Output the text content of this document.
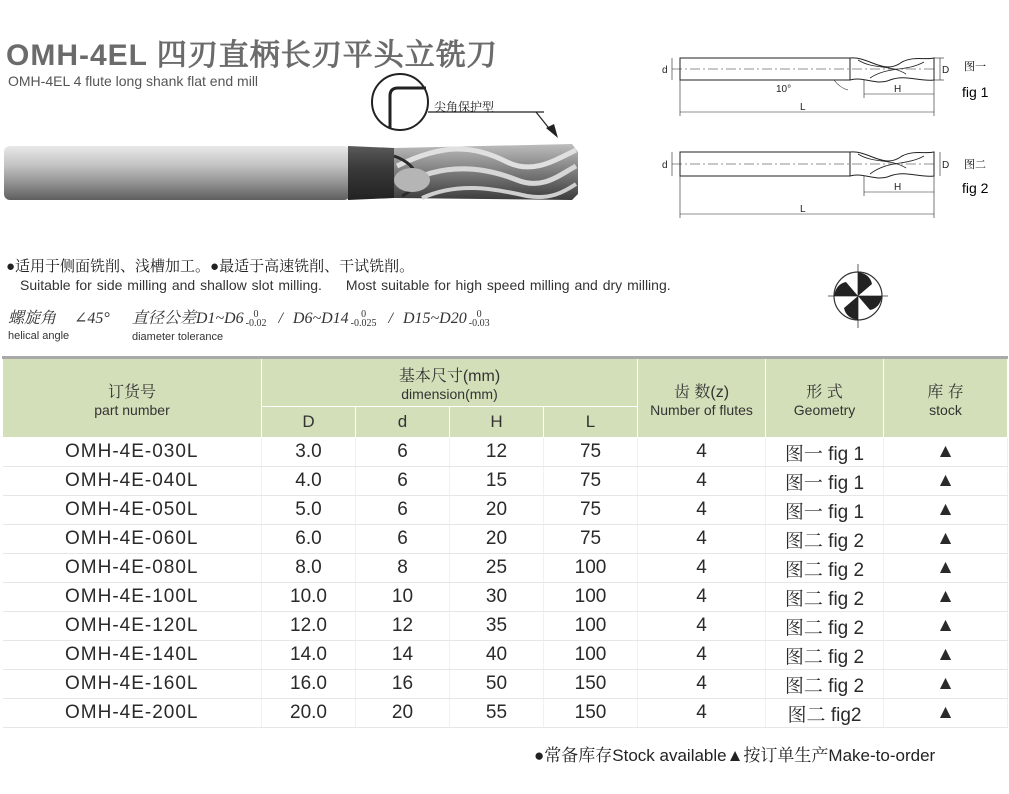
OMH-4EL 四刃直柄长刃平头立铣刀
OMH-4EL 4 flute long shank flat end mill
尖角保护型
d	D
H
L
10°
图一
fig 1
d	D
H
L
图二
fig 2
●适用于侧面铣削、浅槽加工。●最适于高速铣削、干试铣削。
Suitable for side milling and shallow slot milling. Most suitable for high speed milling and dry milling.
螺旋角 ∠45° 直径公差D1~D6 0
-0.02 / D6~D14	0
-0.025 / D15~D20 0
-0.03
helical angle	diameter tolerance
订货号
part number	基本尺寸(mm)
dimension(mm)				齿 数(z)
Number of flutes	形 式
Geometry	库 存
stock

	D	d	H	L			
OMH-4E-030L	3.0	6	12	75	4	图一 fig 1	▲
OMH-4E-040L	4.0	6	15	75	4	图一 fig 1	▲
OMH-4E-050L	5.0	6	20	75	4	图一 fig 1	▲
OMH-4E-060L	6.0	6	20	75	4	图二 fig 2	▲
OMH-4E-080L	8.0	8	25	100	4	图二 fig 2	▲
OMH-4E-100L	10.0	10	30	100	4	图二 fig 2	▲
OMH-4E-120L	12.0	12	35	100	4	图二 fig 2	▲
OMH-4E-140L	14.0	14	40	100	4	图二 fig 2	▲
OMH-4E-160L	16.0	16	50	150	4	图二 fig 2	▲
OMH-4E-200L	20.0	20	55	150	4	图二 fig2	▲
●常备库存Stock available▲按订单生产Make-to-order
